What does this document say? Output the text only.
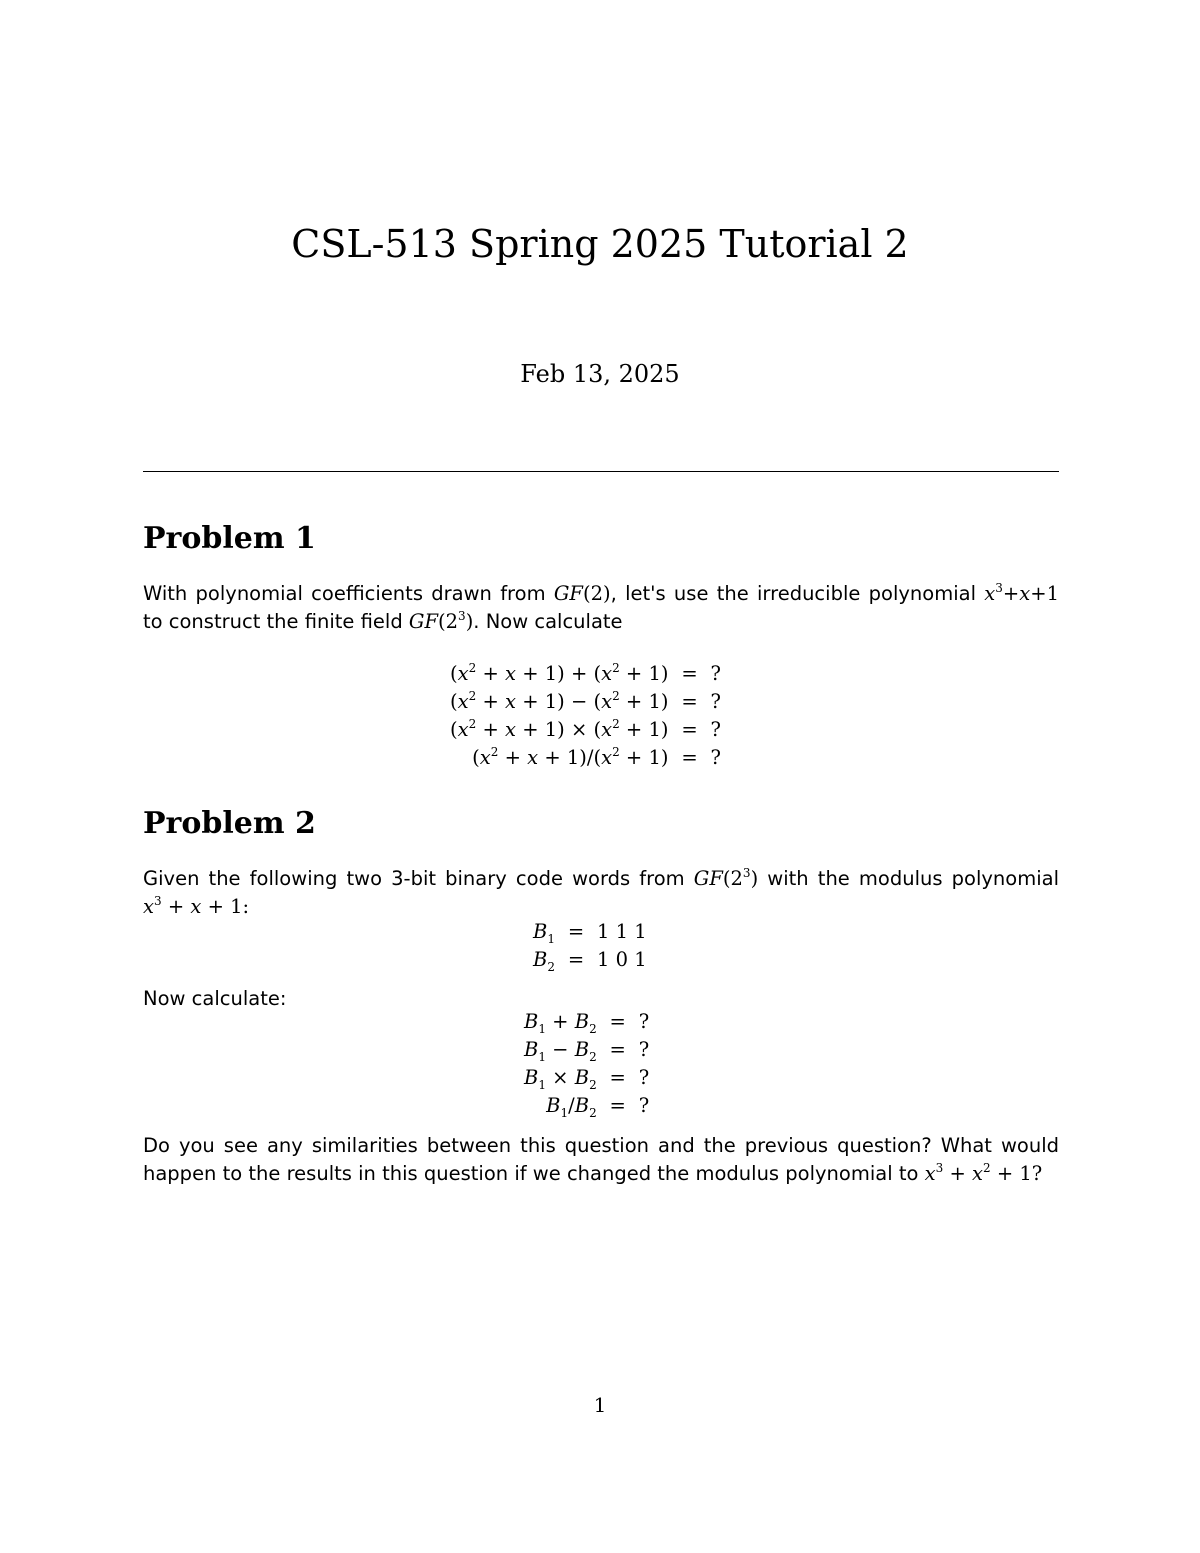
CSL-513 Spring 2025 Tutorial 2
Feb 13, 2025
Problem 1
With polynomial coefficients drawn from GF(2), let's use the irreducible polynomial $x^3+x+1$
to construct the finite field $GF(2^3)$. Now calculate
$(x^2 + x + 1) + (x^2 + 1)$	=	?
$(x^2 + x + 1) - (x^2 + 1)$	=	?
$(x^2 + x + 1) \times (x^2 + 1)$	=	?
$(x^2 + x + 1)/(x^2 + 1)$	=	?
Problem 2
Given the following two 3-bit binary code words from $GF(2^3)$ with the modulus polynomial
$x^3 + x + 1$:
$B_1$	=	1 1 1
$B_2$	=	1 0 1
Now calculate:
$B_1 + B_2$	=	?
$B_1 - B_2$	=	?
$B_1 \times B_2$	=	?
$B_1/B_2$	=	?
Do you see any similarities between this question and the previous question? What would
happen to the results in this question if we changed the modulus polynomial to $x^3 + x^2 + 1$?
1
